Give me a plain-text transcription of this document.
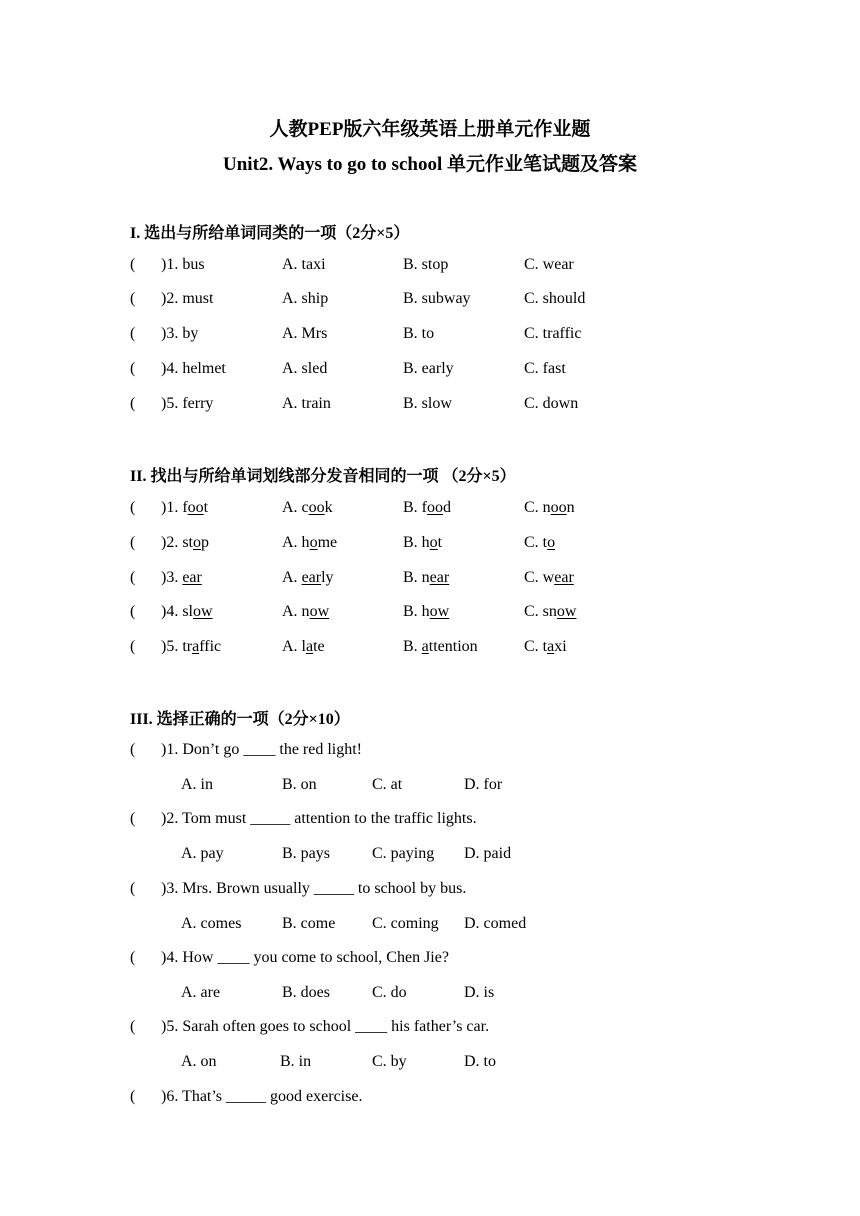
人教PEP版六年级英语上册单元作业题
Unit2. Ways to go to school 单元作业笔试题及答案
I. 选出与所给单词同类的一项（2分×5）
( )1. bus	A. taxi	B. stop	C. wear
( )2. must	A. ship	B. subway	C. should
( )3. by	A. Mrs	B. to	C. traffic
( )4. helmet	A. sled	B. early	C. fast
( )5. ferry	A. train	B. slow	C. down
II. 找出与所给单词划线部分发音相同的一项 （2分×5）
( )1. foot	A. cook	B. food	C. noon
( )2. stop	A. home	B. hot	C. to
( )3. ear	A. early	B. near	C. wear
( )4. slow	A. now	B. how	C. snow
( )5. traffic	A. late	B. attention	C. taxi
III. 选择正确的一项（2分×10）
( )1. Don’t go ____ the red light!
A. in	B. on	C. at	D. for
( )2. Tom must _____ attention to the traffic lights.
A. pay	B. pays	C. paying D. paid
( )3. Mrs. Brown usually _____ to school by bus.
A. comes	B. come C. coming D. comed
( )4. How ____ you come to school, Chen Jie?
A. are	B. does	C. do	D. is
( )5. Sarah often goes to school ____ his father’s car.
A. on	B. in	C. by	D. to
( )6. That’s _____ good exercise.
